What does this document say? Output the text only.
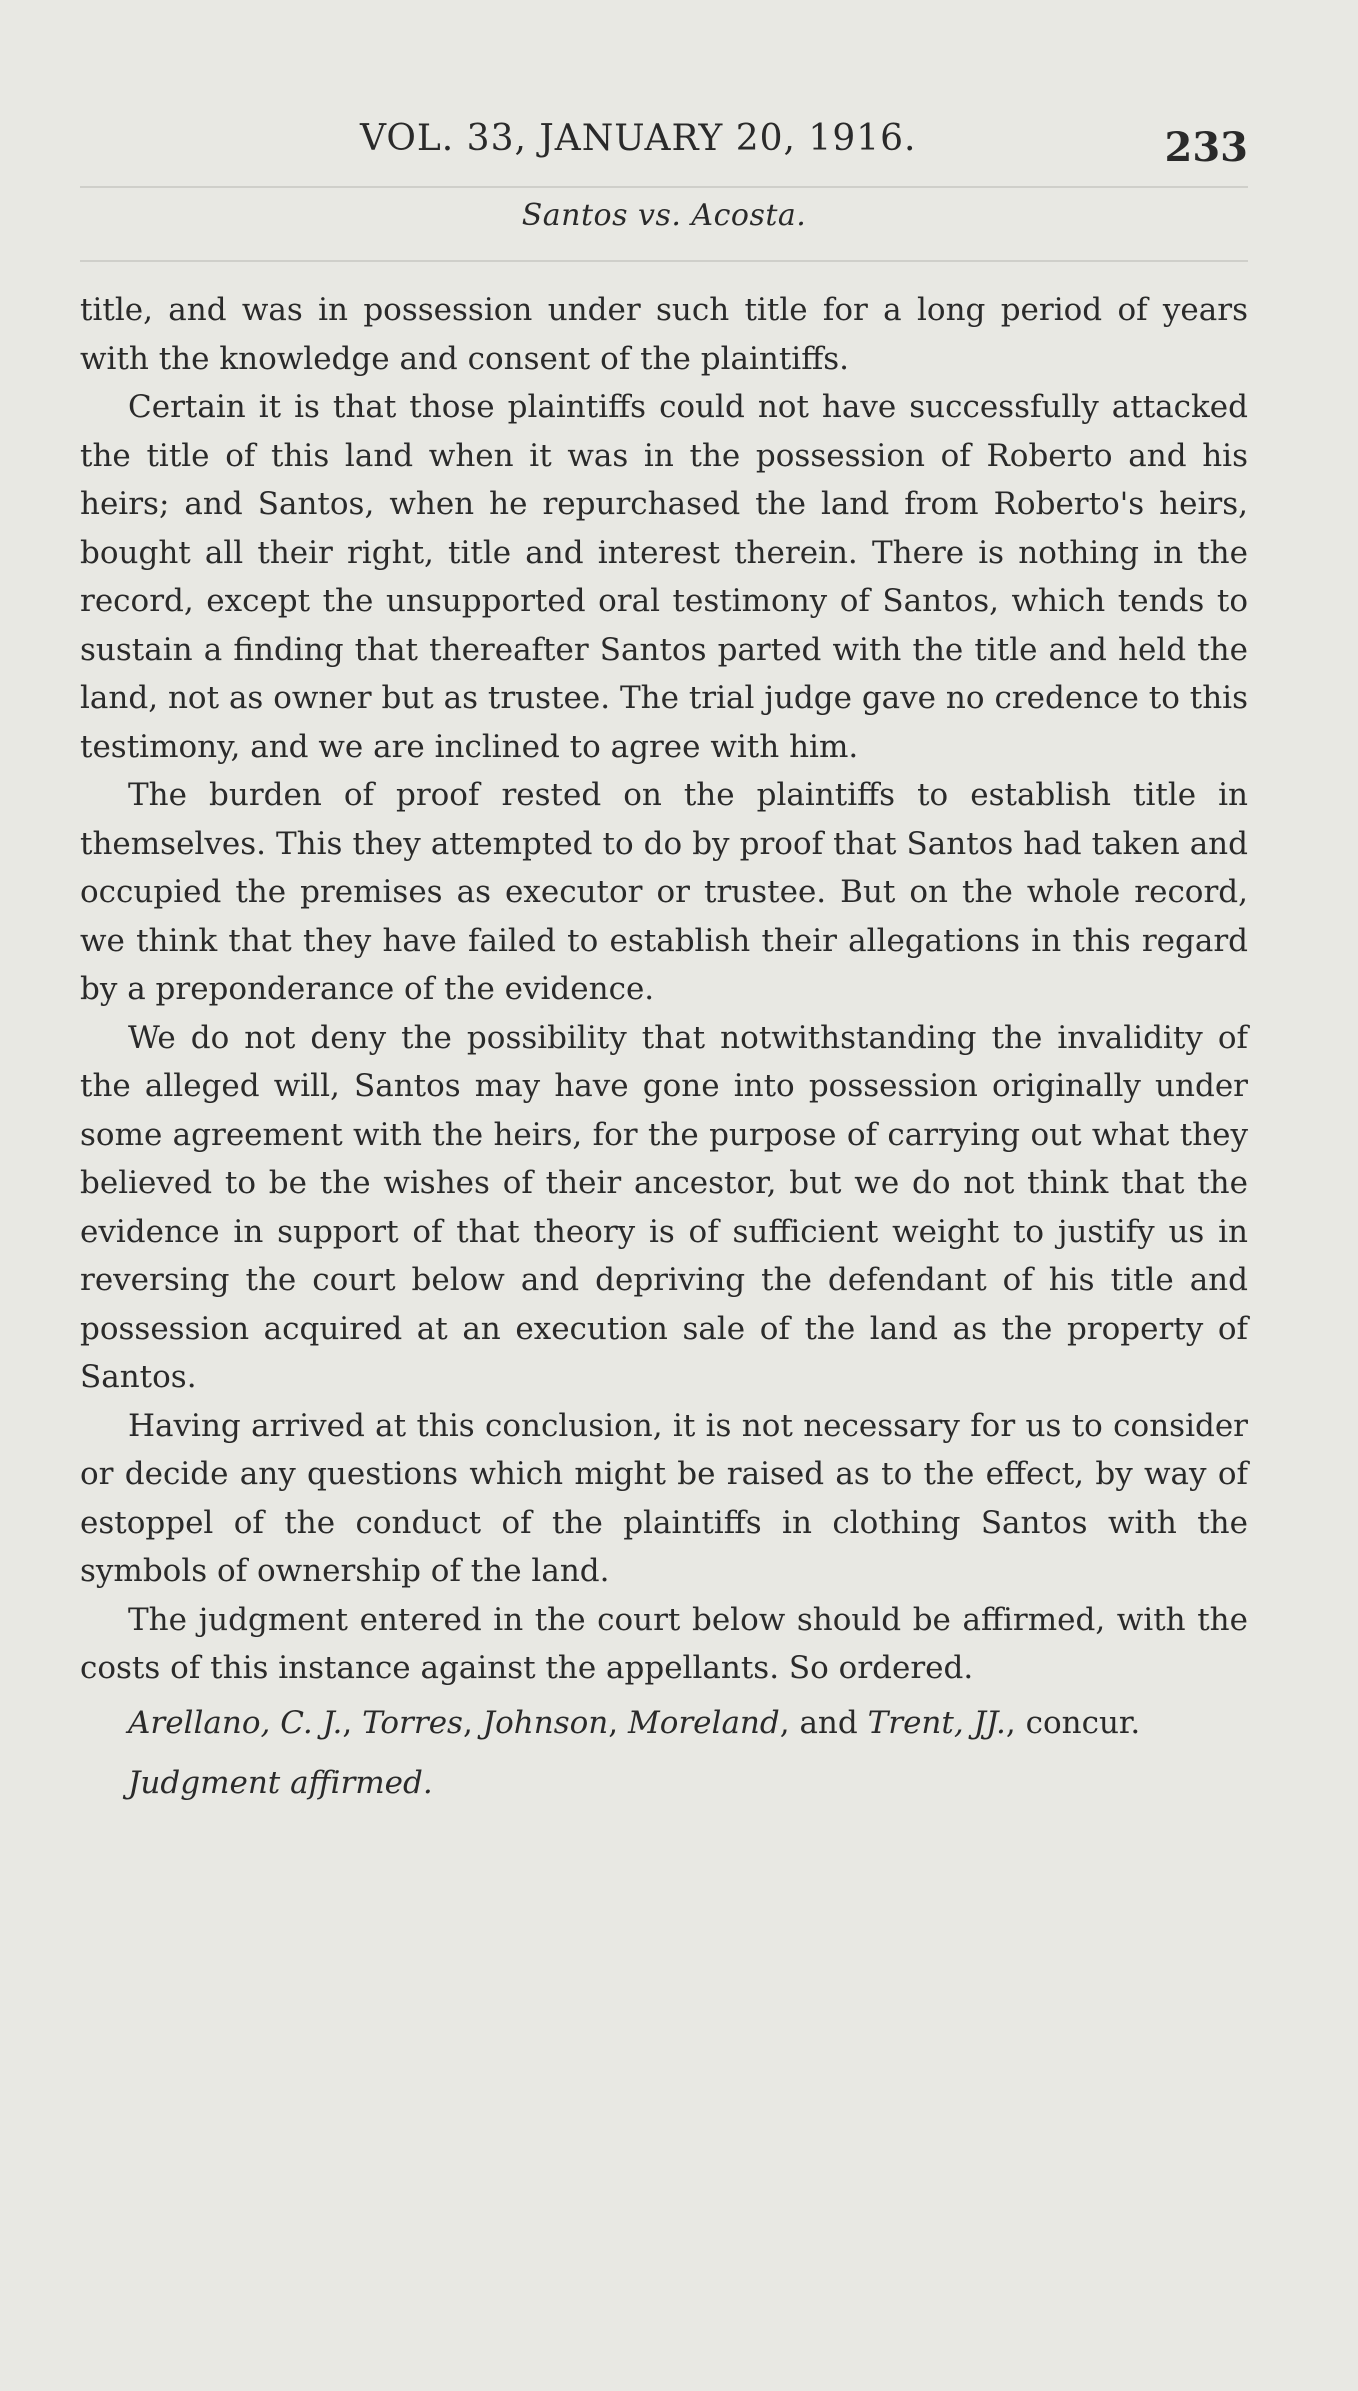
VOL. 33, JANUARY 20, 1916.	233
Santos vs. Acosta.

title, and was in possession under such title for a long period of years with the knowledge and consent of the plaintiffs.

Certain it is that those plaintiffs could not have successfully attacked the title of this land when it was in the possession of Roberto and his heirs; and Santos, when he repurchased the land from Roberto's heirs, bought all their right, title and interest therein. There is nothing in the record, except the unsupported oral testimony of Santos, which tends to sustain a finding that thereafter Santos parted with the title and held the land, not as owner but as trustee. The trial judge gave no credence to this testimony, and we are inclined to agree with him.

The burden of proof rested on the plaintiffs to establish title in themselves. This they attempted to do by proof that Santos had taken and occupied the premises as executor or trustee. But on the whole record, we think that they have failed to establish their allegations in this regard by a preponderance of the evidence.

We do not deny the possibility that notwithstanding the invalidity of the alleged will, Santos may have gone into possession originally under some agreement with the heirs, for the purpose of carrying out what they believed to be the wishes of their ancestor, but we do not think that the evidence in support of that theory is of sufficient weight to justify us in reversing the court below and depriving the defendant of his title and possession acquired at an execution sale of the land as the property of Santos.

Having arrived at this conclusion, it is not necessary for us to consider or decide any questions which might be raised as to the effect, by way of estoppel of the conduct of the plaintiffs in clothing Santos with the symbols of ownership of the land.

The judgment entered in the court below should be affirmed, with the costs of this instance against the appellants. So ordered.

Arellano, C. J., Torres, Johnson, Moreland, and Trent, JJ., concur.

Judgment affirmed.
